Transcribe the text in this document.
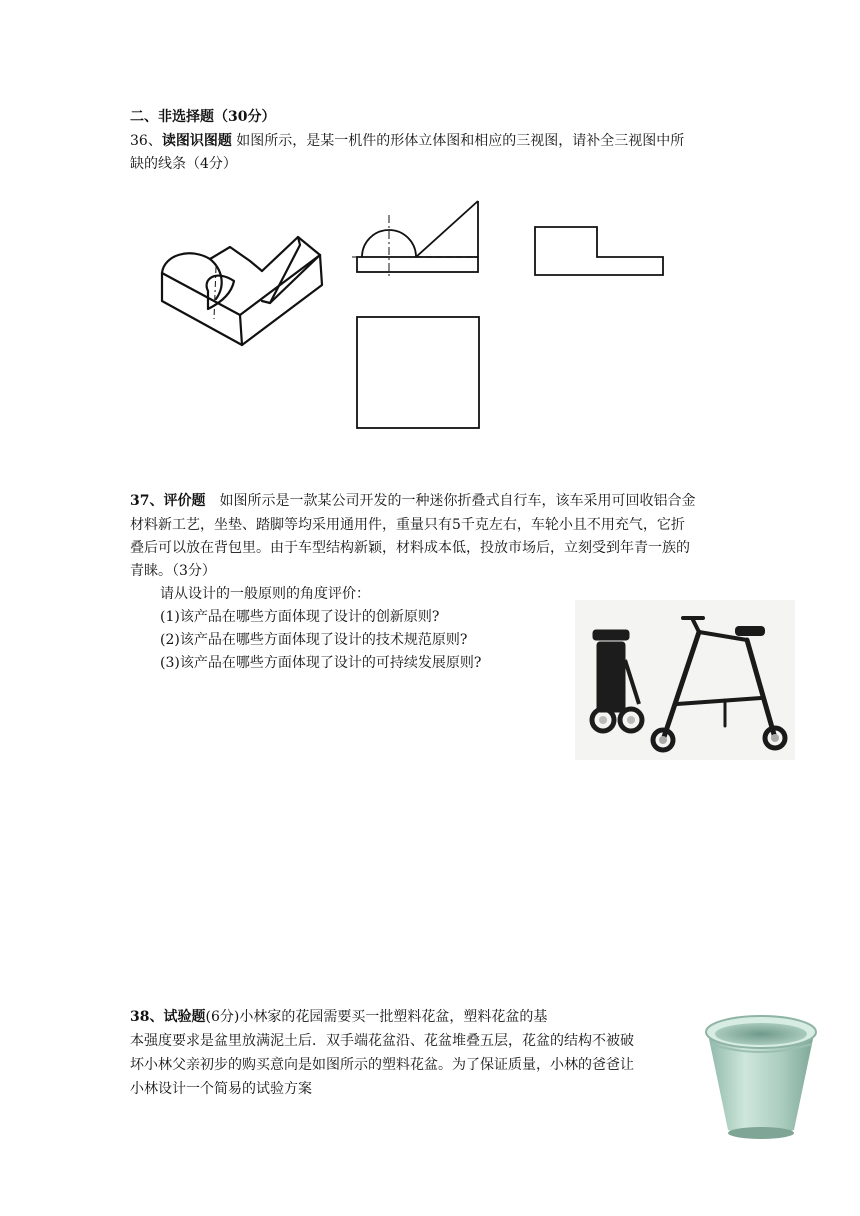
二、非选择题（30分）
36、读图识图题 如图所示，是某一机件的形体立体图和相应的三视图，请补全三视图中所
缺的线条（4分）
37、评价题　如图所示是一款某公司开发的一种迷你折叠式自行车，该车采用可回收铝合金
材料新工艺，坐垫、踏脚等均采用通用件，重量只有5千克左右，车轮小且不用充气，它折
叠后可以放在背包里。由于车型结构新颖，材料成本低，投放市场后，立刻受到年青一族的
青睐。（3分）
请从设计的一般原则的角度评价：
(1)该产品在哪些方面体现了设计的创新原则?
(2)该产品在哪些方面体现了设计的技术规范原则?
(3)该产品在哪些方面体现了设计的可持续发展原则?
38、试验题(6分)小林家的花园需要买一批塑料花盆，塑料花盆的基
本强度要求是盆里放满泥土后．双手端花盆沿、花盆堆叠五层，花盆的结构不被破
坏小林父亲初步的购买意向是如图所示的塑料花盆。为了保证质量，小林的爸爸让
小林设计一个简易的试验方案
